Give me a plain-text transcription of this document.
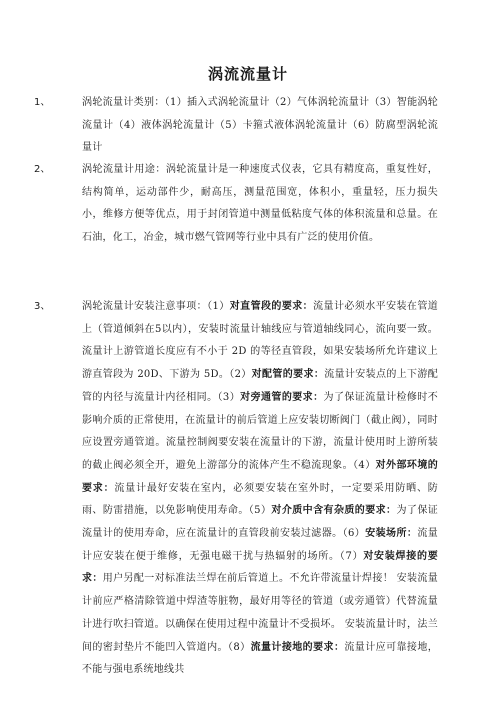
涡流流量计
1、	涡轮流量计类别：（1）插入式涡轮流量计（2）气体涡轮流量计（3）智能涡轮流量计（4）液体涡轮流量计（5）卡箍式液体涡轮流量计（6）防腐型涡轮流量计
2、	涡轮流量计用途：涡轮流量计是一种速度式仪表，它具有精度高，重复性好，结构简单，运动部件少，耐高压，测量范围宽，体积小，重量轻，压力损失小，维修方便等优点，用于封闭管道中测量低粘度气体的体积流量和总量。在石油，化工，冶金，城市燃气管网等行业中具有广泛的使用价值。
3、	涡轮流量计安装注意事项：（1）对直管段的要求：流量计必须水平安装在管道上（管道倾斜在5以内），安装时流量计轴线应与管道轴线同心，流向要一致。 流量计上游管道长度应有不小于 2D 的等径直管段，如果安装场所允许建议上游直管段为 20D、下游为 5D。（2）对配管的要求：流量计安装点的上下游配管的内径与流量计内径相同。（3）对旁通管的要求：为了保证流量计检修时不影响介质的正常使用，在流量计的前后管道上应安装切断阀门（截止阀），同时应设置旁通管道。流量控制阀要安装在流量计的下游，流量计使用时上游所装的截止阀必须全开，避免上游部分的流体产生不稳流现象。（4）对外部环境的要求：流量计最好安装在室内，必须要安装在室外时，一定要采用防晒、防雨、防雷措施，以免影响使用寿命。（5）对介质中含有杂质的要求：为了保证流量计的使用寿命，应在流量计的直管段前安装过滤器。（6）安装场所：流量计应安装在便于维修，无强电磁干扰与热辐射的场所。（7）对安装焊接的要求：用户另配一对标准法兰焊在前后管道上。不允许带流量计焊接！ 安装流量计前应严格清除管道中焊渣等脏物，最好用等径的管道（或旁通管）代替流量计进行吹扫管道。以确保在使用过程中流量计不受损坏。 安装流量计时，法兰间的密封垫片不能凹入管道内。（8）流量计接地的要求：流量计应可靠接地，不能与强电系统地线共
